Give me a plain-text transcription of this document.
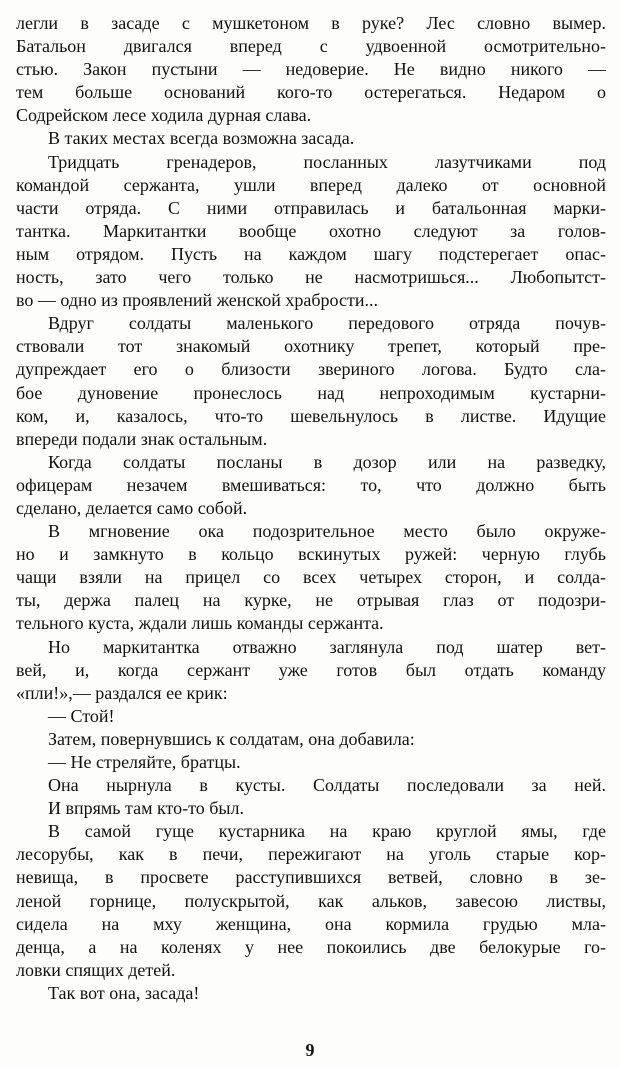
легли в засаде с мушкетоном в руке? Лес словно вымер.
Батальон двигался вперед с удвоенной осмотрительно-
стью. Закон пустыни — недоверие. Не видно никого —
тем больше оснований кого-то остерегаться. Недаром о
Содрейском лесе ходила дурная слава.
В таких местах всегда возможна засада.
Тридцать гренадеров, посланных лазутчиками под
командой сержанта, ушли вперед далеко от основной
части отряда. С ними отправилась и батальонная марки-
тантка. Маркитантки вообще охотно следуют за голов-
ным отрядом. Пусть на каждом шагу подстерегает опас-
ность, зато чего только не насмотришься... Любопытст-
во — одно из проявлений женской храбрости...
Вдруг солдаты маленького передового отряда почув-
ствовали тот знакомый охотнику трепет, который пре-
дупреждает его о близости звериного логова. Будто сла-
бое дуновение пронеслось над непроходимым кустарни-
ком, и, казалось, что-то шевельнулось в листве. Идущие
впереди подали знак остальным.
Когда солдаты посланы в дозор или на разведку,
офицерам незачем вмешиваться: то, что должно быть
сделано, делается само собой.
В мгновение ока подозрительное место было окруже-
но и замкнуто в кольцо вскинутых ружей: черную глубь
чащи взяли на прицел со всех четырех сторон, и солда-
ты, держа палец на курке, не отрывая глаз от подозри-
тельного куста, ждали лишь команды сержанта.
Но маркитантка отважно заглянула под шатер вет-
вей, и, когда сержант уже готов был отдать команду
«пли!»,— раздался ее крик:
— Стой!
Затем, повернувшись к солдатам, она добавила:
— Не стреляйте, братцы.
Она нырнула в кусты. Солдаты последовали за ней.
И впрямь там кто-то был.
В самой гуще кустарника на краю круглой ямы, где
лесорубы, как в печи, пережигают на уголь старые кор-
невища, в просвете расступившихся ветвей, словно в зе-
леной горнице, полускрытой, как альков, завесою листвы,
сидела на мху женщина, она кормила грудью мла-
денца, а на коленях у нее покоились две белокурые го-
ловки спящих детей.
Так вот она, засада!
9
